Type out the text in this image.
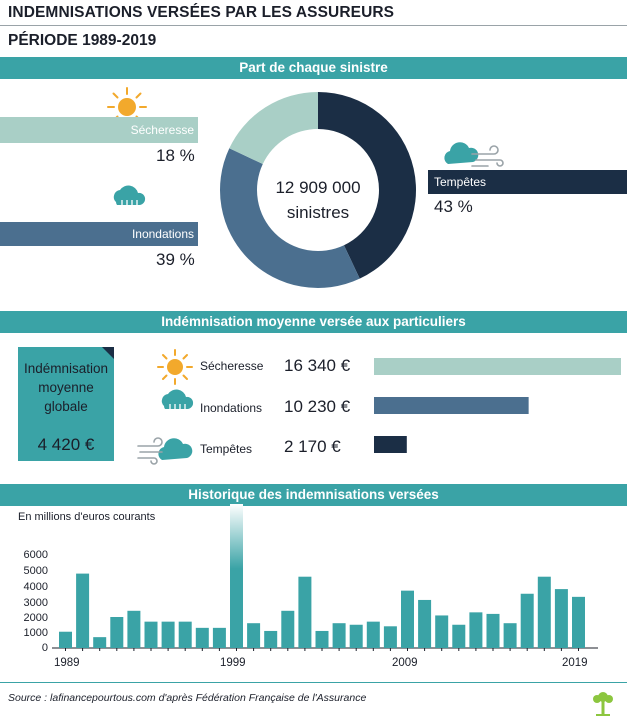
INDEMNISATIONS VERSÉES PAR LES ASSUREURS
PÉRIODE 1989-2019
Part de chaque sinistre
Sécheresse
18 %
Inondations
39 %
12 909 000
sinistres
Tempêtes
43 %
Indémnisation moyenne versée aux particuliers
Indémnisation
moyenne
globale
4 420 €
Sécheresse 16 340 €
Inondations 10 230 €
Tempêtes 2 170 €
Historique des indemnisations versées
En millions d'euros courants
6000
5000
4000
3000
2000
1000
0
1989	1999	2009	2019
Source : lafinancepourtous.com d'après Fédération Française de l'Assurance
